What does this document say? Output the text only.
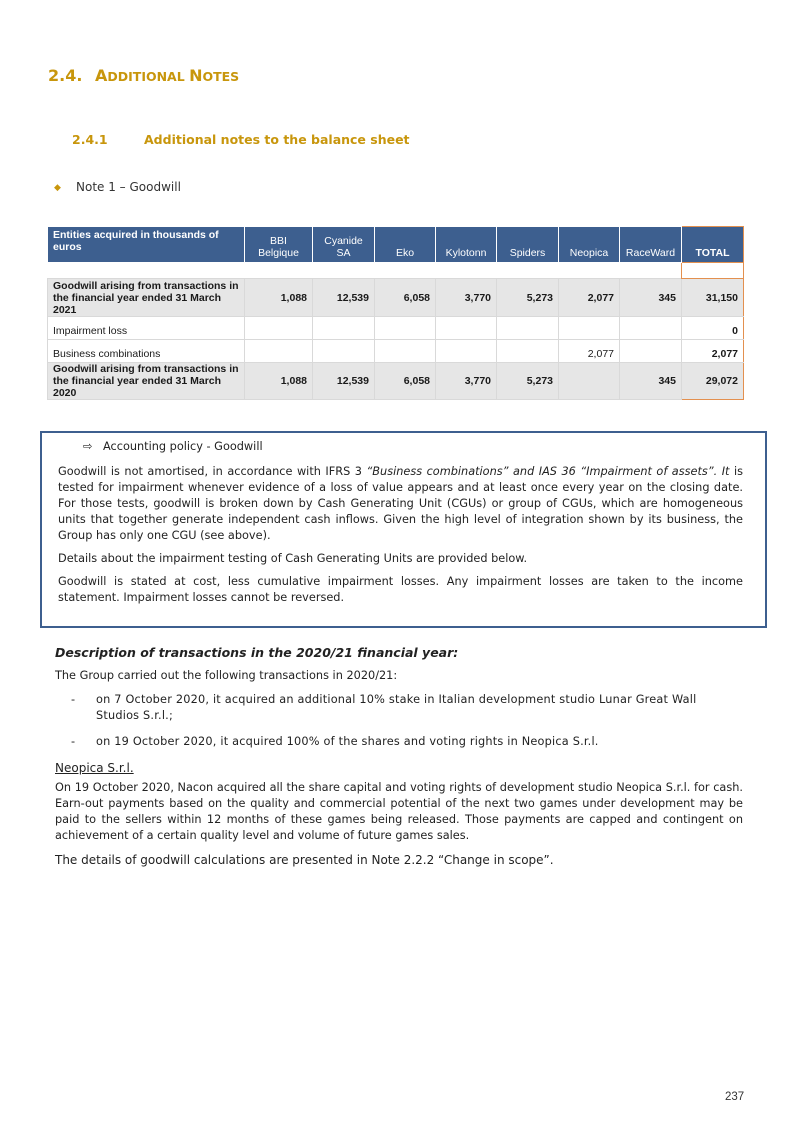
2.4. ADDITIONAL NOTES
2.4.1	Additional notes to the balance sheet
◆ Note 1 – Goodwill
Entities acquired in thousands of euros	BBI Belgique	Cyanide SA	Eko	Kylotonn	Spiders	Neopica	RaceWard	TOTAL

Goodwill arising from transactions in the financial year ended 31 March 2021	1,088	12,539	6,058	3,770	5,273	2,077	345	31,150
Impairment loss								0
Business combinations						2,077		2,077
Goodwill arising from transactions in the financial year ended 31 March 2020	1,088	12,539	6,058	3,770	5,273		345	29,072
⇨ Accounting policy - Goodwill

Goodwill is not amortised, in accordance with IFRS 3 “Business combinations” and IAS 36 “Impairment of assets”. It is tested for impairment whenever evidence of a loss of value appears and at least once every year on the closing date. For those tests, goodwill is broken down by Cash Generating Unit (CGUs) or group of CGUs, which are homogeneous units that together generate independent cash inflows. Given the high level of integration shown by its business, the Group has only one CGU (see above).

Details about the impairment testing of Cash Generating Units are provided below.

Goodwill is stated at cost, less cumulative impairment losses. Any impairment losses are taken to the income statement. Impairment losses cannot be reversed.

Description of transactions in the 2020/21 financial year:

The Group carried out the following transactions in 2020/21:

- on 7 October 2020, it acquired an additional 10% stake in Italian development studio Lunar Great Wall Studios S.r.l.;
- on 19 October 2020, it acquired 100% of the shares and voting rights in Neopica S.r.l.
Neopica S.r.l.

On 19 October 2020, Nacon acquired all the share capital and voting rights of development studio Neopica S.r.l. for cash. Earn-out payments based on the quality and commercial potential of the next two games under development may be paid to the sellers within 12 months of these games being released. Those payments are capped and contingent on achievement of a certain quality level and volume of future games sales.

The details of goodwill calculations are presented in Note 2.2.2 “Change in scope”.

237
